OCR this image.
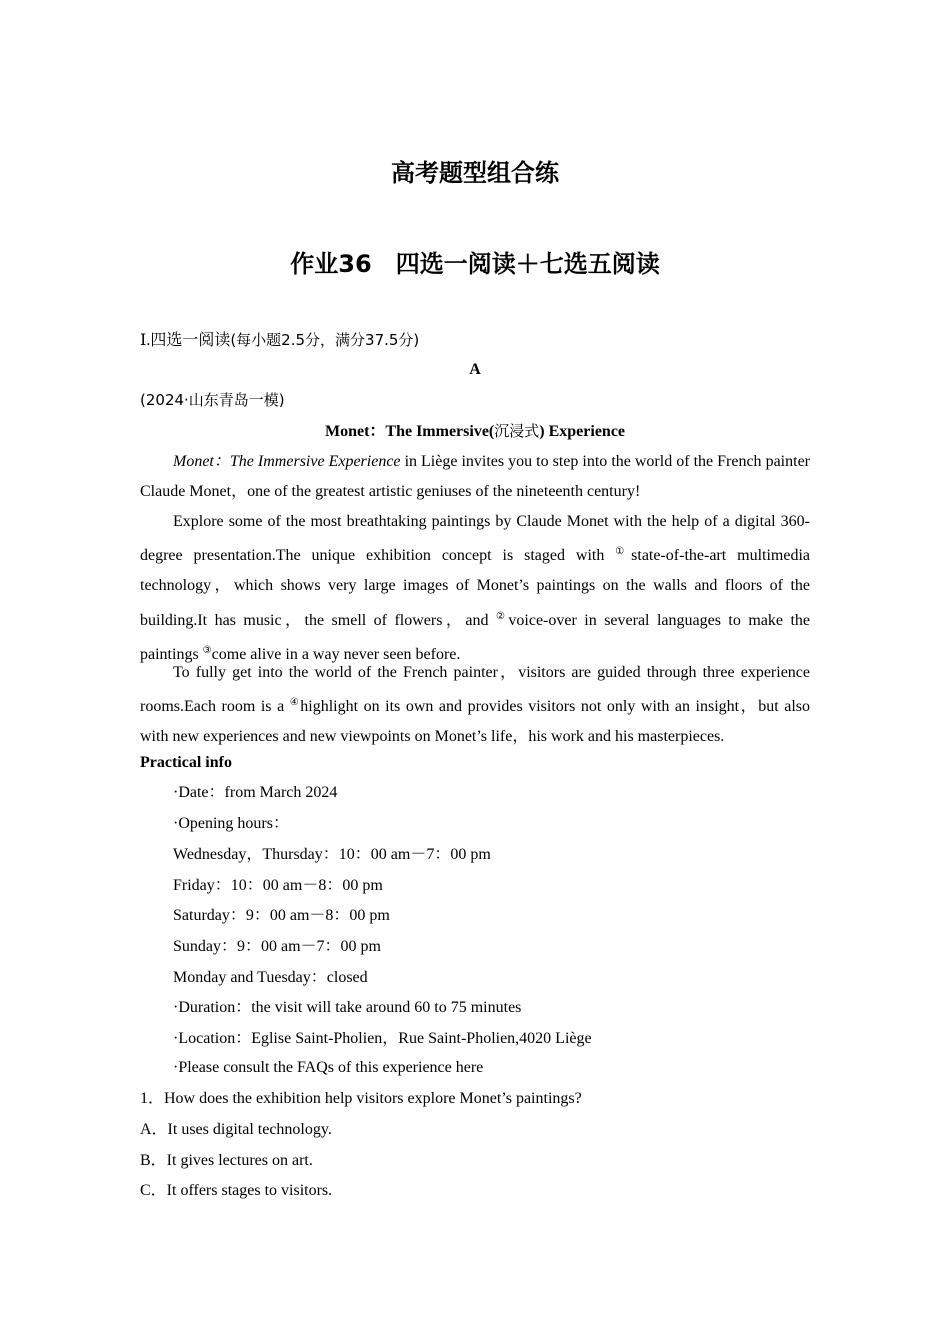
高考题型组合练
作业36　四选一阅读＋七选五阅读
Ⅰ.四选一阅读(每小题2.5分，满分37.5分)
A
(2024·山东青岛一模)
Monet：The Immersive(沉浸式) Experience
Monet：The Immersive Experience in Liège invites you to step into the world of the French painter Claude Monet，one of the greatest artistic geniuses of the nineteenth century!
Explore some of the most breathtaking paintings by Claude Monet with the help of a digital 360-degree presentation.The unique exhibition concept is staged with ①state-of-the-art multimedia technology，which shows very large images of Monet’s paintings on the walls and floors of the building.It has music，the smell of flowers，and ②voice-over in several languages to make the paintings ③come alive in a way never seen before.
To fully get into the world of the French painter，visitors are guided through three experience rooms.Each room is a ④highlight on its own and provides visitors not only with an insight，but also with new experiences and new viewpoints on Monet’s life，his work and his masterpieces.
Practical info
·Date：from March 2024
·Opening hours：
Wednesday，Thursday：10：00 am－7：00 pm
Friday：10：00 am－8：00 pm
Saturday：9：00 am－8：00 pm
Sunday：9：00 am－7：00 pm
Monday and Tuesday：closed
·Duration：the visit will take around 60 to 75 minutes
·Location：Eglise Saint-Pholien，Rue Saint-Pholien,4020 Liège
·Please consult the FAQs of this experience here
1．How does the exhibition help visitors explore Monet’s paintings?
A．It uses digital technology.
B．It gives lectures on art.
C．It offers stages to visitors.
